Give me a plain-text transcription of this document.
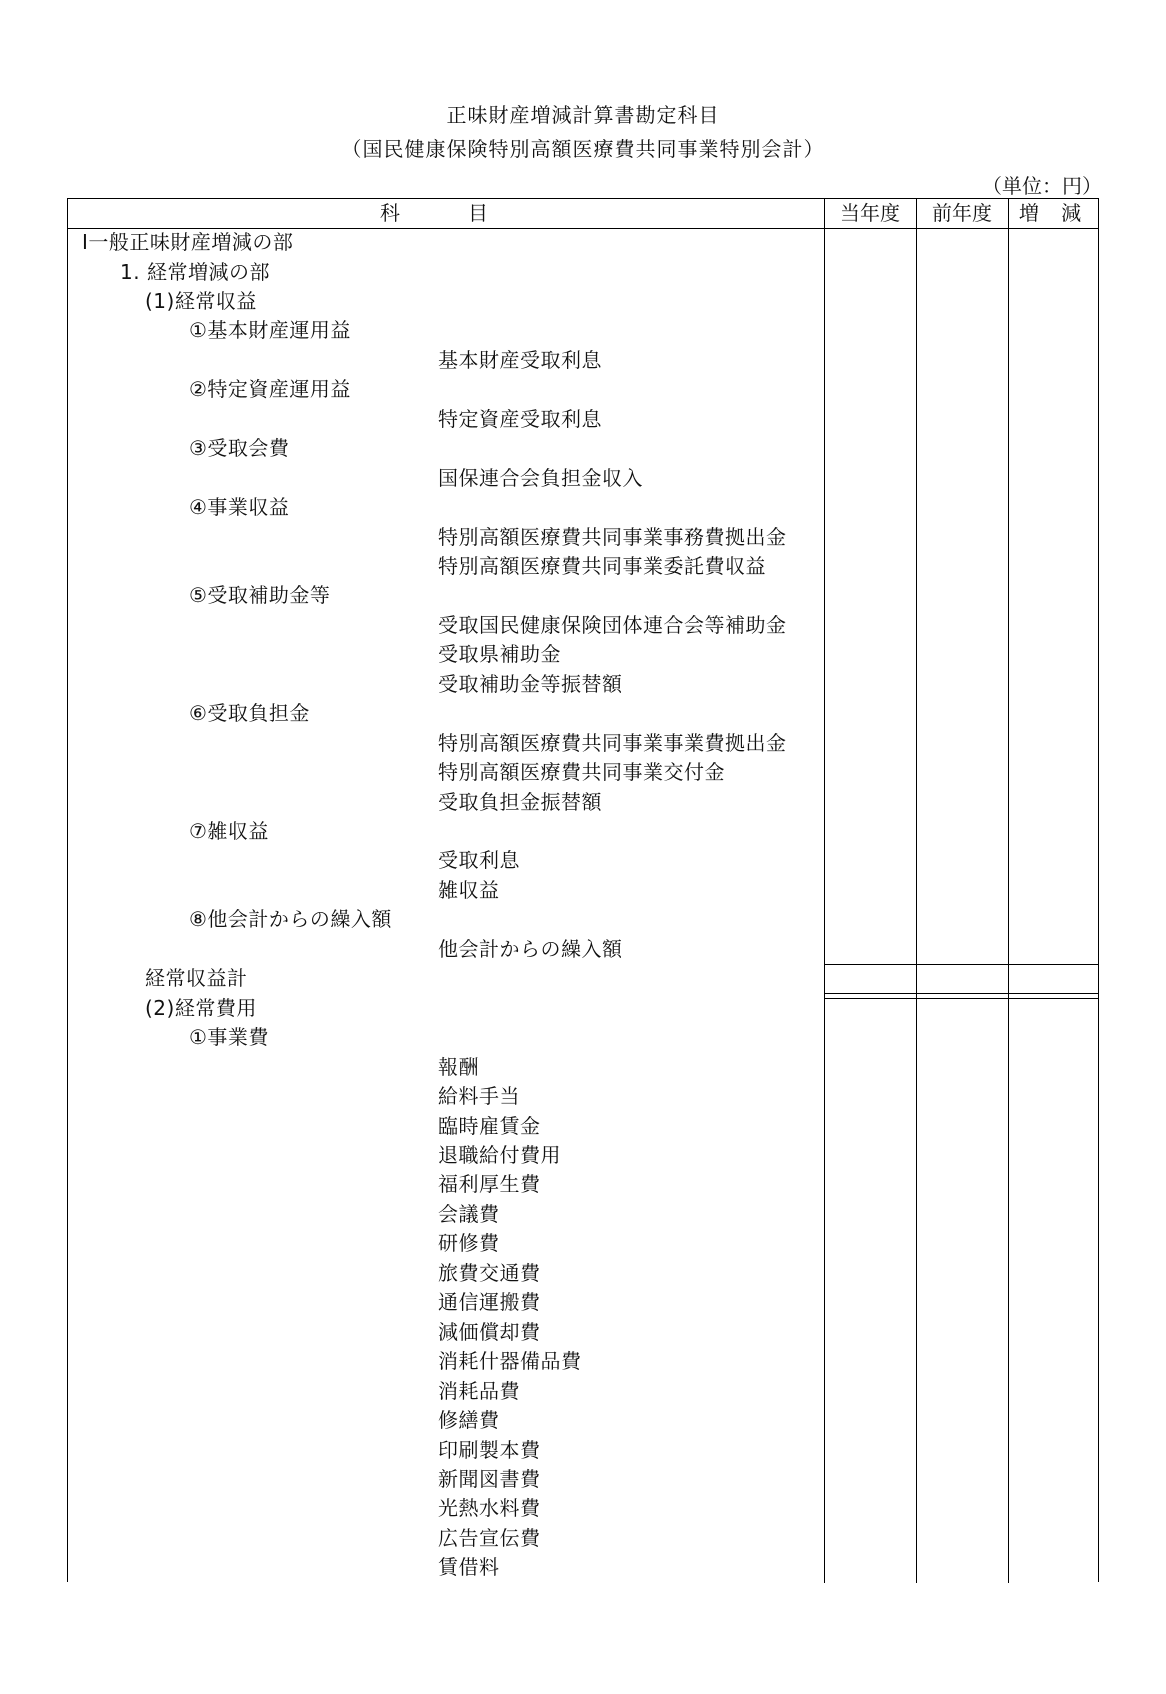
正味財産増減計算書勘定科目
（国民健康保険特別高額医療費共同事業特別会計）
（単位：円）
科　目	当年度	前年度	増 減
Ⅰ一般正味財産増減の部
1. 経常増減の部
(1)経常収益
①基本財産運用益
基本財産受取利息
②特定資産運用益
特定資産受取利息
③受取会費
国保連合会負担金収入
④事業収益
特別高額医療費共同事業事務費拠出金
特別高額医療費共同事業委託費収益
⑤受取補助金等
受取国民健康保険団体連合会等補助金
受取県補助金
受取補助金等振替額
⑥受取負担金
特別高額医療費共同事業事業費拠出金
特別高額医療費共同事業交付金
受取負担金振替額
⑦雑収益
受取利息
雑収益
⑧他会計からの繰入額
他会計からの繰入額
経常収益計
(2)経常費用
①事業費
報酬
給料手当
臨時雇賃金
退職給付費用
福利厚生費
会議費
研修費
旅費交通費
通信運搬費
減価償却費
消耗什器備品費
消耗品費
修繕費
印刷製本費
新聞図書費
光熱水料費
広告宣伝費
賃借料
